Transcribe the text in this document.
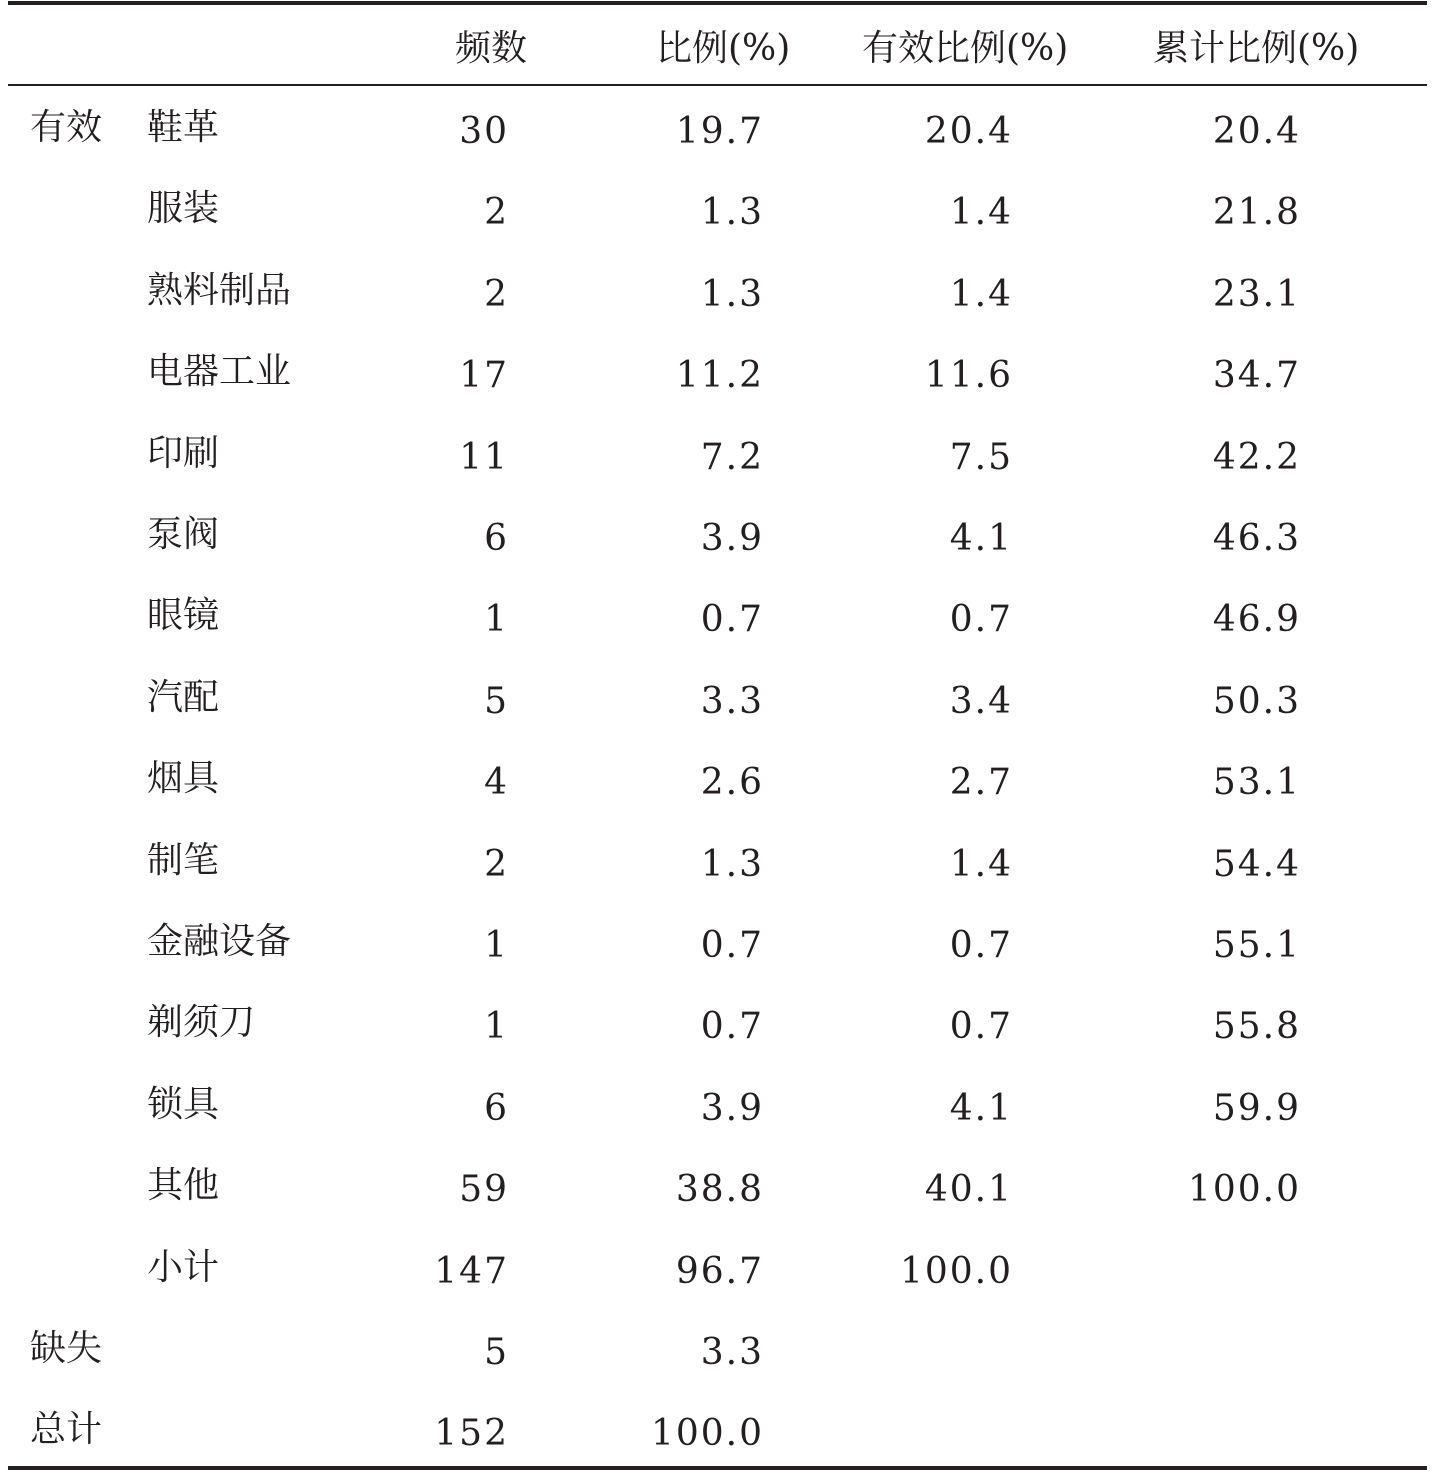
频数	比例(%) 有效比例(%) 累计比例(%)
有效 鞋革	30	19.7	20.4	20.4
服装	2	1.3	1.4	21.8
熟料制品	2	1.3	1.4	23.1
电器工业	17	11.2	11.6	34.7
印刷	11	7.2	7.5	42.2
泵阀	6	3.9	4.1	46.3
眼镜	1	0.7	0.7	46.9
汽配	5	3.3	3.4	50.3
烟具	4	2.6	2.7	53.1
制笔	2	1.3	1.4	54.4
金融设备	1	0.7	0.7	55.1
剃须刀	1	0.7	0.7	55.8
锁具	6	3.9	4.1	59.9
其他	59	38.8	40.1	100.0
小计	147	96.7	100.0
缺失	5	3.3
总计	152	100.0
